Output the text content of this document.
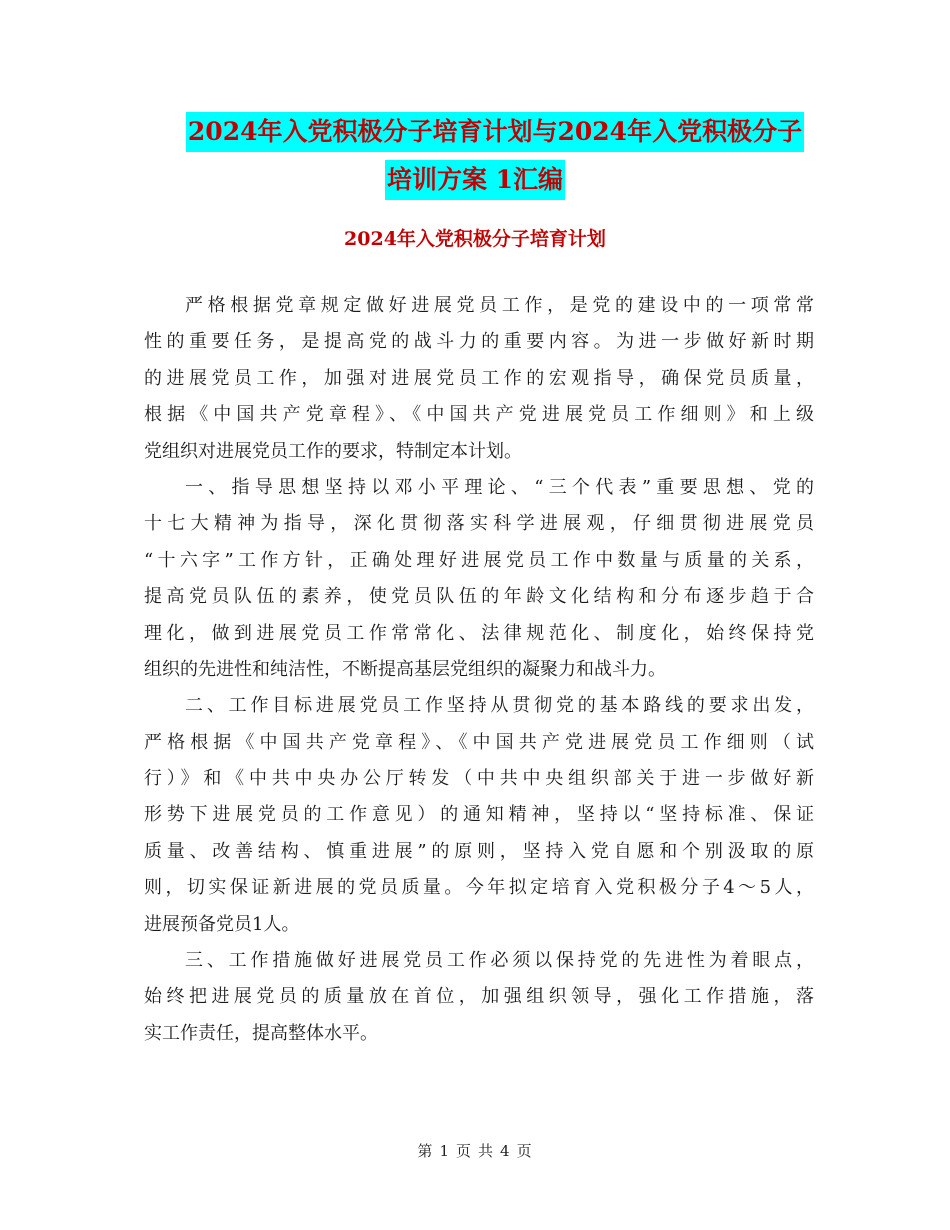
2024年入党积极分子培育计划与2024年入党积极分子
培训方案 1汇编
2024年入党积极分子培育计划
严格根据党章规定做好进展党员工作，是党的建设中的一项常常
性的重要任务，是提高党的战斗力的重要内容。为进一步做好新时期
的进展党员工作，加强对进展党员工作的宏观指导，确保党员质量，
根据《中国共产党章程》、《中国共产党进展党员工作细则》和上级
党组织对进展党员工作的要求，特制定本计划。
一、指导思想坚持以邓小平理论、“三个代表”重要思想、党的
十七大精神为指导，深化贯彻落实科学进展观，仔细贯彻进展党员
“十六字”工作方针，正确处理好进展党员工作中数量与质量的关系，
提高党员队伍的素养，使党员队伍的年龄文化结构和分布逐步趋于合
理化，做到进展党员工作常常化、法律规范化、制度化，始终保持党
组织的先进性和纯洁性，不断提高基层党组织的凝聚力和战斗力。
二、工作目标进展党员工作坚持从贯彻党的基本路线的要求出发，
严格根据《中国共产党章程》、《中国共产党进展党员工作细则（试
行）》和《中共中央办公厅转发（中共中央组织部关于进一步做好新
形势下进展党员的工作意见）的通知精神，坚持以“坚持标准、保证
质量、改善结构、慎重进展”的原则，坚持入党自愿和个别汲取的原
则，切实保证新进展的党员质量。今年拟定培育入党积极分子4～5人，
进展预备党员1人。
三、工作措施做好进展党员工作必须以保持党的先进性为着眼点，
始终把进展党员的质量放在首位，加强组织领导，强化工作措施，落
实工作责任，提高整体水平。
第 1 页 共 4 页
